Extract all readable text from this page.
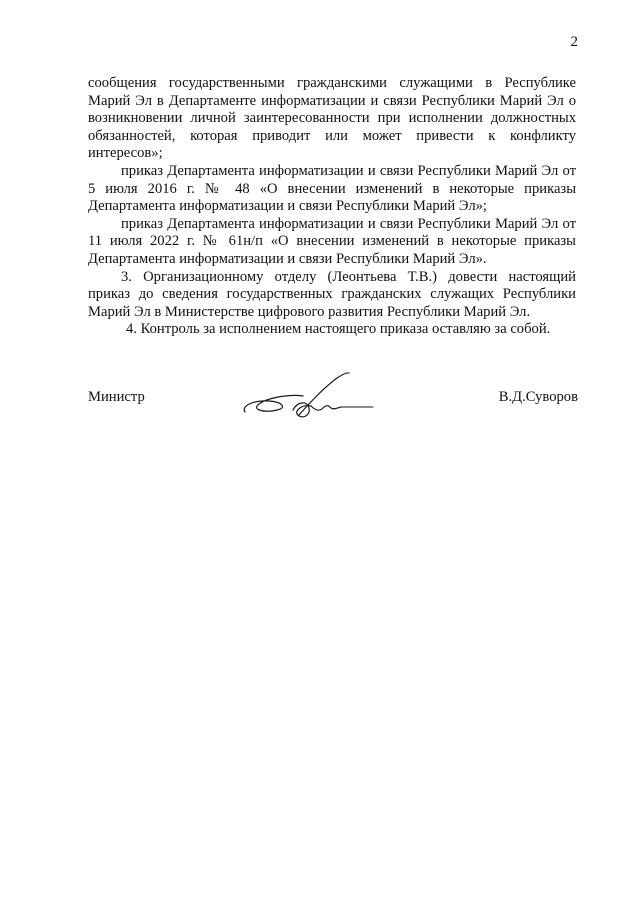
2

сообщения государственными гражданскими служащими в Республике Марий Эл в Департаменте информатизации и связи Республики Марий Эл о возникновении личной заинтересованности при исполнении должностных обязанностей, которая приводит или может привести к конфликту интересов»;

приказ Департамента информатизации и связи Республики Марий Эл от 5 июля 2016 г. № 48 «О внесении изменений в некоторые приказы Департамента информатизации и связи Республики Марий Эл»;

приказ Департамента информатизации и связи Республики Марий Эл от 11 июля 2022 г. № 61н/п «О внесении изменений в некоторые приказы Департамента информатизации и связи Республики Марий Эл».

3. Организационному отделу (Леонтьева Т.В.) довести настоящий приказ до сведения государственных гражданских служащих Республики Марий Эл в Министерстве цифрового развития Республики Марий Эл.

4. Контроль за исполнением настоящего приказа оставляю за собой.

Министр	В.Д.Суворов
